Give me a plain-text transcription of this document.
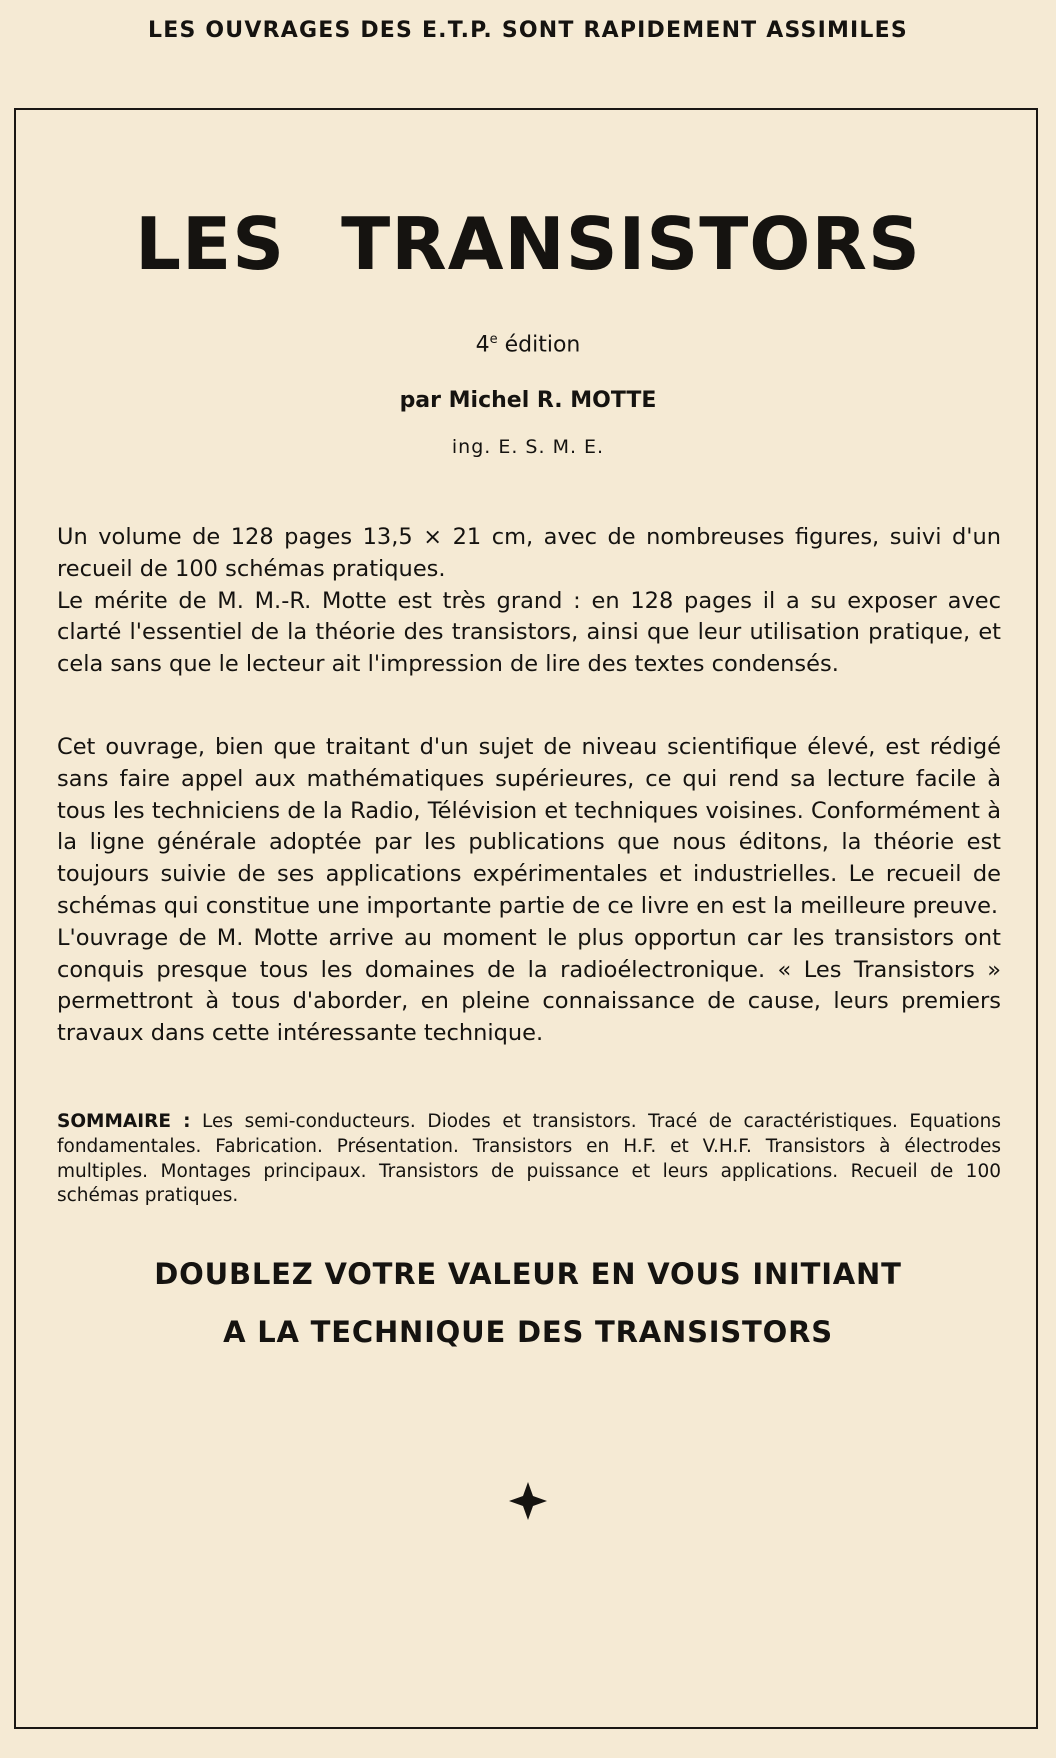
LES OUVRAGES DES E.T.P. SONT RAPIDEMENT ASSIMILES
LES TRANSISTORS
4e édition
par Michel R. MOTTE
ing. E. S. M. E.

Un volume de 128 pages 13,5 × 21 cm, avec de nombreuses figures, suivi d'un recueil de 100 schémas pratiques.

Le mérite de M. M.-R. Motte est très grand : en 128 pages il a su exposer avec clarté l'essentiel de la théorie des transistors, ainsi que leur utilisation pratique, et cela sans que le lecteur ait l'impression de lire des textes condensés.

Cet ouvrage, bien que traitant d'un sujet de niveau scientifique élevé, est rédigé sans faire appel aux mathématiques supérieures, ce qui rend sa lecture facile à tous les techniciens de la Radio, Télévision et techniques voisines. Conformément à la ligne générale adoptée par les publications que nous éditons, la théorie est toujours suivie de ses applications expérimentales et industrielles. Le recueil de schémas qui constitue une importante partie de ce livre en est la meilleure preuve.

L'ouvrage de M. Motte arrive au moment le plus opportun car les transistors ont conquis presque tous les domaines de la radioélectronique. « Les Transistors » permettront à tous d'aborder, en pleine connaissance de cause, leurs premiers travaux dans cette intéressante technique.

SOMMAIRE : Les semi-conducteurs. Diodes et transistors. Tracé de caractéristiques. Equations fondamentales. Fabrication. Présentation. Transistors en H.F. et V.H.F. Transistors à électrodes multiples. Montages principaux. Transistors de puissance et leurs applications. Recueil de 100 schémas pratiques.
DOUBLEZ VOTRE VALEUR EN VOUS INITIANT
A LA TECHNIQUE DES TRANSISTORS
